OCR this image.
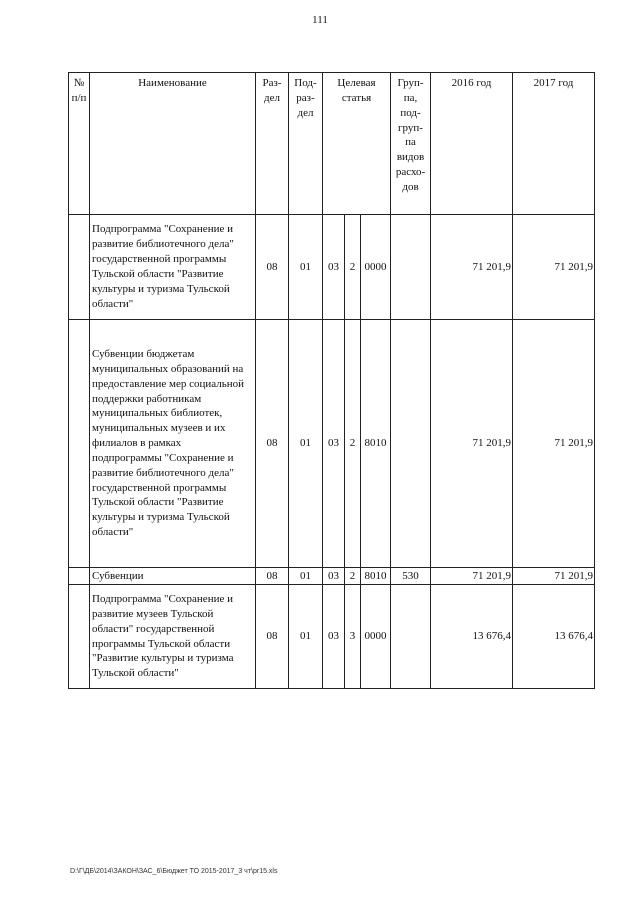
111
№ п/п	Наименование	Раз-дел	Под-раз-дел	Целевая статья			Груп-па, под-груп-па видов расхо-дов	2016 год	2017 год
	Подпрограмма "Сохранение и развитие библиотечного дела" государственной программы Тульской области "Развитие культуры и туризма Тульской области"	08	01	03	2	0000		71 201,9	71 201,9
	Субвенции бюджетам муниципальных образований на предоставление мер социальной поддержки работникам муниципальных библиотек, муниципальных музеев и их филиалов в рамках подпрограммы "Сохранение и развитие библиотечного дела" государственной программы Тульской области "Развитие культуры и туризма Тульской области"	08	01	03	2	8010		71 201,9	71 201,9
	Субвенции	08	01	03	2	8010	530	71 201,9	71 201,9
	Подпрограмма "Сохранение и развитие музеев Тульской области" государственной программы Тульской области "Развитие культуры и туризма Тульской области"	08	01	03	3	0000		13 676,4	13 676,4
D:\Г\ДБ\2014\ЗАКОН\ЗАС_6\Бюджет ТО 2015-2017_3 чт\pr15.xls
